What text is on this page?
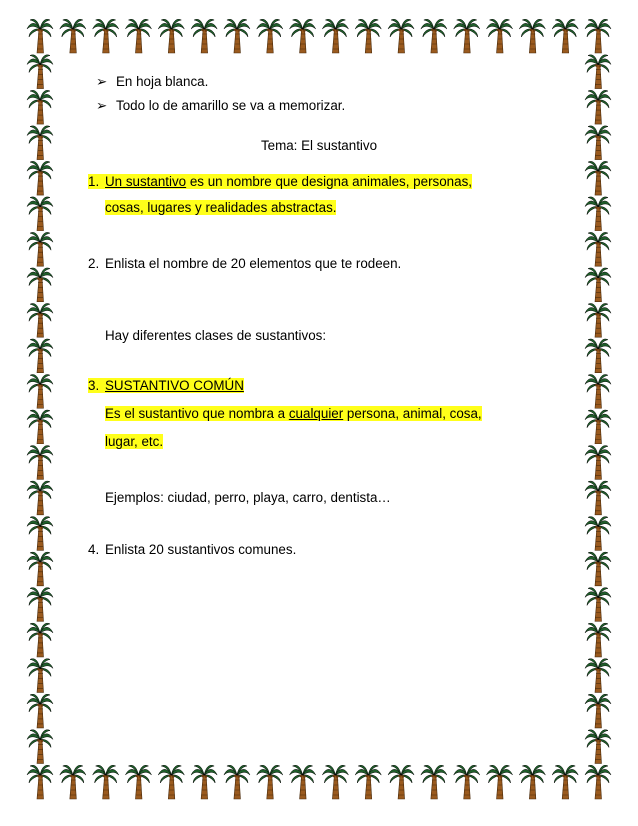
➢ En hoja blanca.
➢ Todo lo de amarillo se va a memorizar.
Tema: El sustantivo
1. Un sustantivo es un nombre que designa animales, personas,
cosas, lugares y realidades abstractas.
2. Enlista el nombre de 20 elementos que te rodeen.
Hay diferentes clases de sustantivos:
3. SUSTANTIVO COMÚN
Es el sustantivo que nombra a cualquier persona, animal, cosa,
lugar, etc.
Ejemplos: ciudad, perro, playa, carro, dentista…
4. Enlista 20 sustantivos comunes.
